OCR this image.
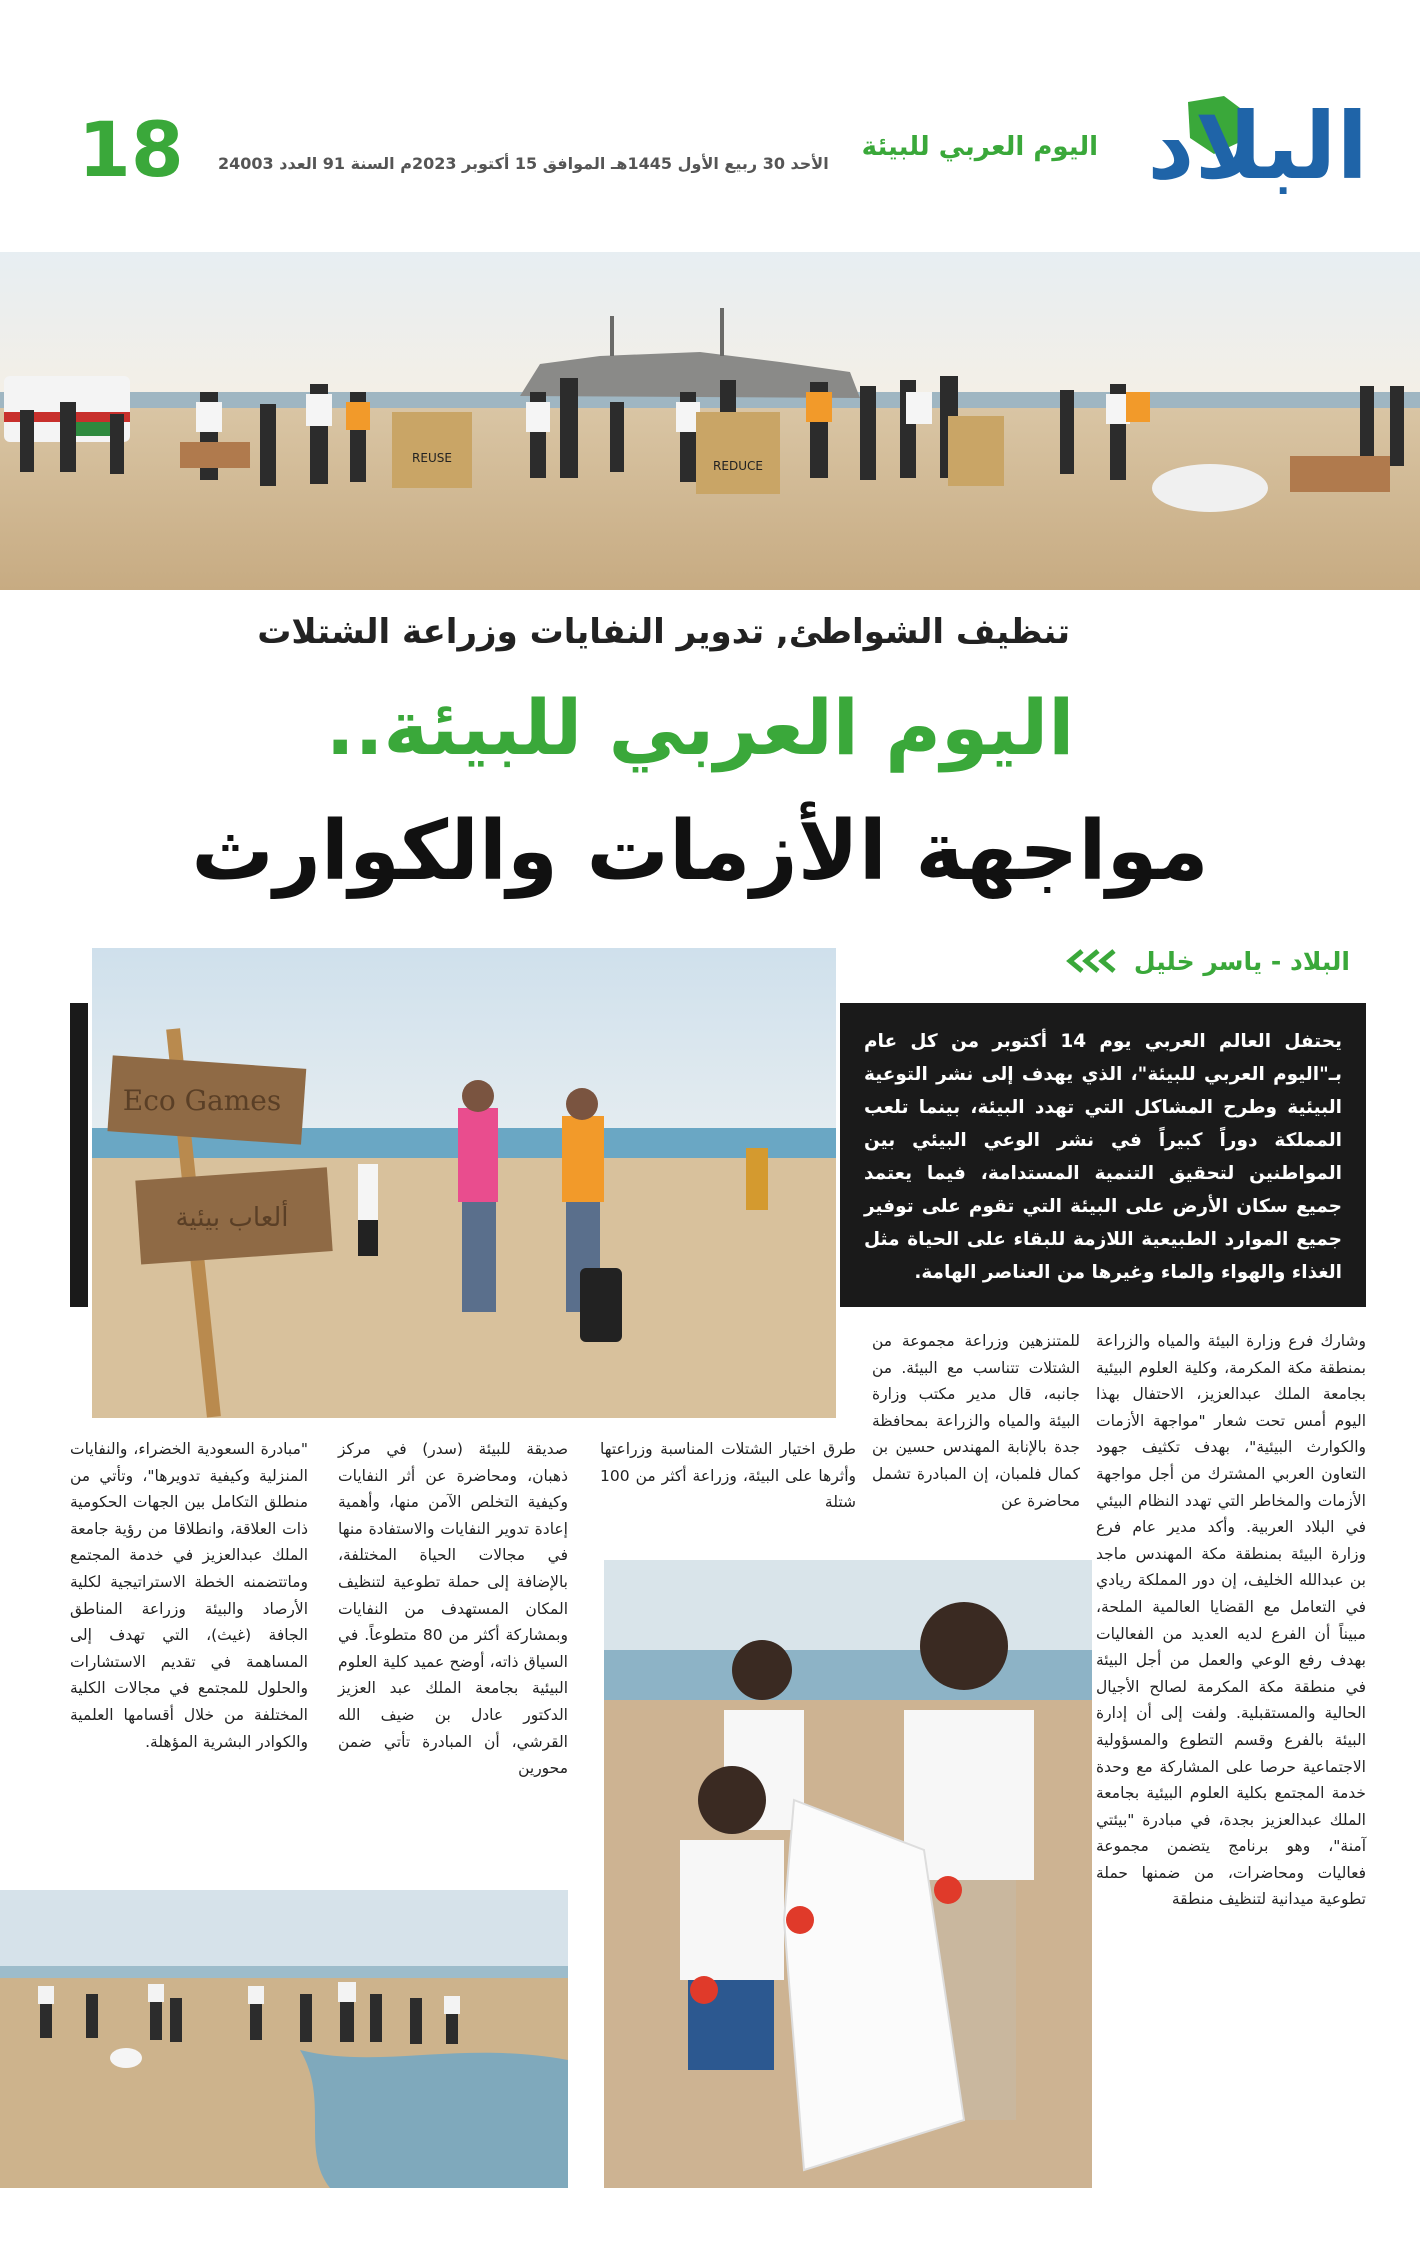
18 الأحد 30 ربيع الأول 1445هـ الموافق 15 أكتوبر 2023م السنة 91 العدد 24003
اليوم العربي للبيئة البلاد
REUSE
REDUCE
تنظيف الشواطئ, تدوير النفايات وزراعة الشتلات
اليوم العربي للبيئة..
مواجهة الأزمات والكوارث
البلاد - ياسر خليل
يحتفل العالم العربي يوم 14 أكتوبر من كل عام بـ"اليوم العربي للبيئة"، الذي يهدف إلى نشر التوعية البيئية وطرح المشاكل التي تهدد البيئة، بينما تلعب المملكة دوراً كبيراً في نشر الوعي البيئي بين المواطنين لتحقيق التنمية المستدامة، فيما يعتمد جميع سكان الأرض على البيئة التي تقوم على توفير جميع الموارد الطبيعية اللازمة للبقاء على الحياة مثل الغذاء والهواء والماء وغيرها من العناصر الهامة.
Eco Games
ألعاب بيئية
وشارك فرع وزارة البيئة والمياه والزراعة بمنطقة مكة المكرمة، وكلية العلوم البيئية بجامعة الملك عبدالعزيز، الاحتفال بهذا اليوم أمس تحت شعار "مواجهة الأزمات والكوارث البيئية"، بهدف تكثيف جهود التعاون العربي المشترك من أجل مواجهة الأزمات والمخاطر التي تهدد النظام البيئي في البلاد العربية. وأكد مدير عام فرع وزارة البيئة بمنطقة مكة المهندس ماجد بن عبدالله الخليف، إن دور المملكة ريادي في التعامل مع القضايا العالمية الملحة، مبيناً أن الفرع لديه العديد من الفعاليات بهدف رفع الوعي والعمل من أجل البيئة في منطقة مكة المكرمة لصالح الأجيال الحالية والمستقبلية. ولفت إلى أن إدارة البيئة بالفرع وقسم التطوع والمسؤولية الاجتماعية حرصا على المشاركة مع وحدة خدمة المجتمع بكلية العلوم البيئية بجامعة الملك عبدالعزيز بجدة، في مبادرة "بيئتي آمنة"، وهو برنامج يتضمن مجموعة فعاليات ومحاضرات، من ضمنها حملة تطوعية ميدانية لتنظيف منطقة
للمتنزهين وزراعة مجموعة من الشتلات تتناسب مع البيئة. من جانبه، قال مدير مكتب وزارة البيئة والمياه والزراعة بمحافظة جدة بالإنابة المهندس حسين بن كمال فلمبان، إن المبادرة تشمل محاضرة عن
طرق اختيار الشتلات المناسبة وزراعتها وأثرها على البيئة، وزراعة أكثر من 100 شتلة
صديقة للبيئة (سدر) في مركز ذهبان، ومحاضرة عن أثر النفايات وكيفية التخلص الآمن منها، وأهمية إعادة تدوير النفايات والاستفادة منها في مجالات الحياة المختلفة، بالإضافة إلى حملة تطوعية لتنظيف المكان المستهدف من النفايات وبمشاركة أكثر من 80 متطوعاً. في السياق ذاته، أوضح عميد كلية العلوم البيئية بجامعة الملك عبد العزيز الدكتور عادل بن ضيف الله القرشي، أن المبادرة تأتي ضمن محورين
"مبادرة السعودية الخضراء، والنفايات المنزلية وكيفية تدويرها"، وتأتي من منطلق التكامل بين الجهات الحكومية ذات العلاقة، وانطلاقا من رؤية جامعة الملك عبدالعزيز في خدمة المجتمع وماتتضمنه الخطة الاستراتيجية لكلية الأرصاد والبيئة وزراعة المناطق الجافة (غيث)، التي تهدف إلى المساهمة في تقديم الاستشارات والحلول للمجتمع في مجالات الكلية المختلفة من خلال أقسامها العلمية والكوادر البشرية المؤهلة.
